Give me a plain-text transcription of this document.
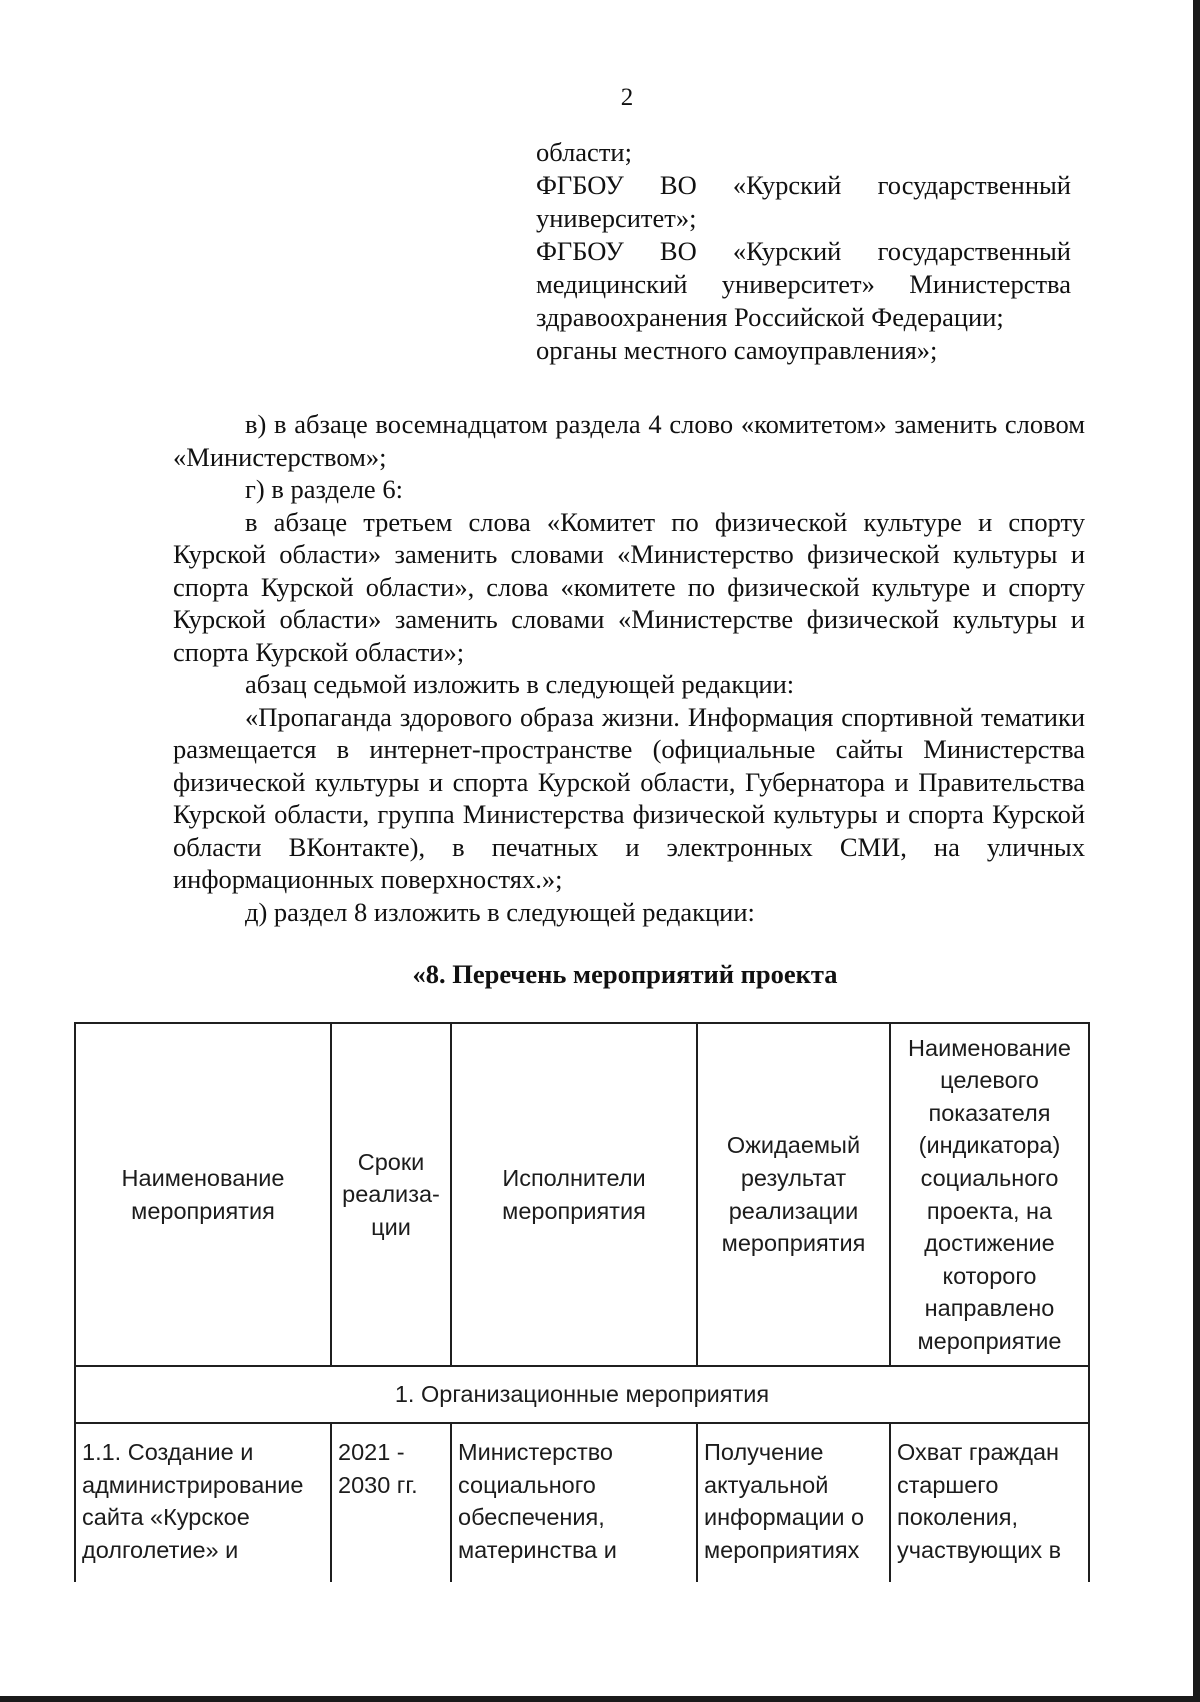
2
области;
ФГБОУ ВО «Курский государственный
университет»;
ФГБОУ ВО «Курский государственный
медицинский университет» Министерства
здравоохранения Российской Федерации;
органы местного самоуправления»;

в) в абзаце восемнадцатом раздела 4 слово «комитетом» заменить словом «Министерством»;

г) в разделе 6:

в абзаце третьем слова «Комитет по физической культуре и спорту Курской области» заменить словами «Министерство физической культуры и спорта Курской области», слова «комитете по физической культуре и спорту Курской области» заменить словами «Министерстве физической культуры и спорта Курской области»;

абзац седьмой изложить в следующей редакции:

«Пропаганда здорового образа жизни. Информация спортивной тематики размещается в интернет-пространстве (официальные сайты Министерства физической культуры и спорта Курской области, Губернатора и Правительства Курской области, группа Министерства физической культуры и спорта Курской области ВКонтакте), в печатных и электронных СМИ, на уличных информационных поверхностях.»;

д) раздел 8 изложить в следующей редакции:

«8. Перечень мероприятий проекта
Наименование мероприятия	Сроки реализа-ции	Исполнители мероприятия	Ожидаемый результат реализации мероприятия	Наименование целевого показателя (индикатора) социального проекта, на достижение которого направлено мероприятие
1. Организационные мероприятия				
1.1. Создание и администрирование сайта «Курское долголетие» и	2021 - 2030 гг.	Министерство социального обеспечения, материнства и	Получение актуальной информации о мероприятиях	Охват граждан старшего поколения, участвующих в
